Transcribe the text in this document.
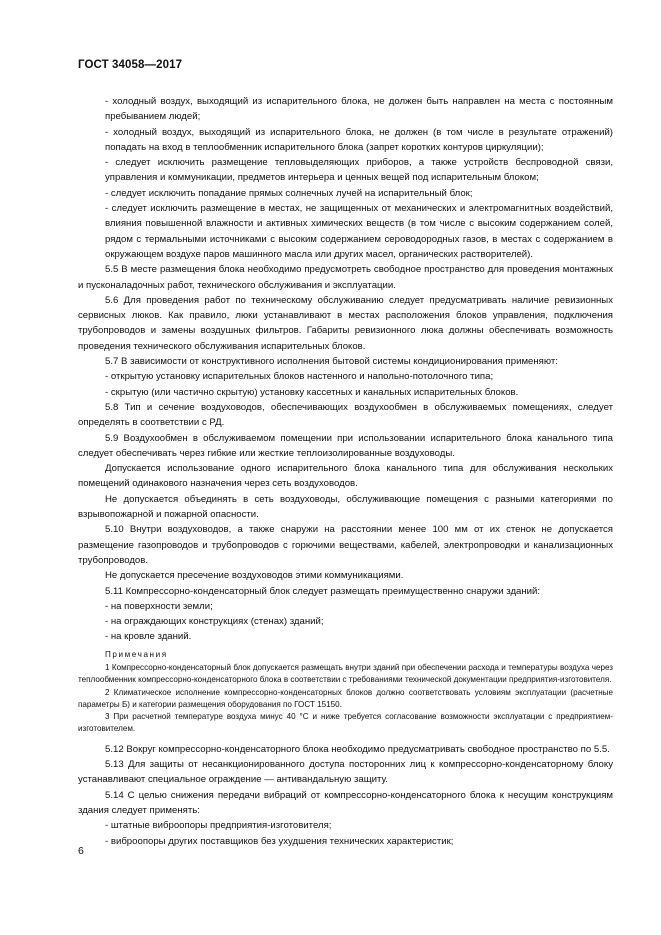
ГОСТ 34058—2017

- холодный воздух, выходящий из испарительного блока, не должен быть направлен на места с постоянным пребыванием людей;

- холодный воздух, выходящий из испарительного блока, не должен (в том числе в результате отражений) попадать на вход в теплообменник испарительного блока (запрет коротких контуров циркуляции);

- следует исключить размещение тепловыделяющих приборов, а также устройств беспроводной связи, управления и коммуникации, предметов интерьера и ценных вещей под испарительным блоком;

- следует исключить попадание прямых солнечных лучей на испарительный блок;

- следует исключить размещение в местах, не защищенных от механических и электромагнитных воздействий, влияния повышенной влажности и активных химических веществ (в том числе с высоким содержанием солей, рядом с термальными источниками с высоким содержанием сероводородных газов, в местах с содержанием в окружающем воздухе паров машинного масла или других масел, органических растворителей).

5.5 В месте размещения блока необходимо предусмотреть свободное пространство для проведения монтажных и пусконаладочных работ, технического обслуживания и эксплуатации.

5.6 Для проведения работ по техническому обслуживанию следует предусматривать наличие ревизионных сервисных люков. Как правило, люки устанавливают в местах расположения блоков управления, подключения трубопроводов и замены воздушных фильтров. Габариты ревизионного люка должны обеспечивать возможность проведения технического обслуживания испарительных блоков.

5.7 В зависимости от конструктивного исполнения бытовой системы кондиционирования применяют:

- открытую установку испарительных блоков настенного и напольно-потолочного типа;

- скрытую (или частично скрытую) установку кассетных и канальных испарительных блоков.

5.8 Тип и сечение воздуховодов, обеспечивающих воздухообмен в обслуживаемых помещениях, следует определять в соответствии с РД.

5.9 Воздухообмен в обслуживаемом помещении при использовании испарительного блока канального типа следует обеспечивать через гибкие или жесткие теплоизолированные воздуховоды.

Допускается использование одного испарительного блока канального типа для обслуживания нескольких помещений одинакового назначения через сеть воздуховодов.

Не допускается объединять в сеть воздуховоды, обслуживающие помещения с разными категориями по взрывопожарной и пожарной опасности.

5.10 Внутри воздуховодов, а также снаружи на расстоянии менее 100 мм от их стенок не допускается размещение газопроводов и трубопроводов с горючими веществами, кабелей, электропроводки и канализационных трубопроводов.

Не допускается пресечение воздуховодов этими коммуникациями.

5.11 Компрессорно-конденсаторный блок следует размещать преимущественно снаружи зданий:

- на поверхности земли;

- на ограждающих конструкциях (стенах) зданий;

- на кровле зданий.

Примечания

1 Компрессорно-конденсаторный блок допускается размещать внутри зданий при обеспечении расхода и температуры воздуха через теплообменник компрессорно-конденсаторного блока в соответствии с требованиями технической документации предприятия-изготовителя.

2 Климатическое исполнение компрессорно-конденсаторных блоков должно соответствовать условиям эксплуатации (расчетные параметры Б) и категории размещения оборудования по ГОСТ 15150.

3 При расчетной температуре воздуха минус 40 °С и ниже требуется согласование возможности эксплуатации с предприятием-изготовителем.

5.12 Вокруг компрессорно-конденсаторного блока необходимо предусматривать свободное пространство по 5.5.

5.13 Для защиты от несанкционированного доступа посторонних лиц к компрессорно-конденсаторному блоку устанавливают специальное ограждение — антивандальную защиту.

5.14 С целью снижения передачи вибраций от компрессорно-конденсаторного блока к несущим конструкциям здания следует применять:

- штатные виброопоры предприятия-изготовителя;

- виброопоры других поставщиков без ухудшения технических характеристик;

6
